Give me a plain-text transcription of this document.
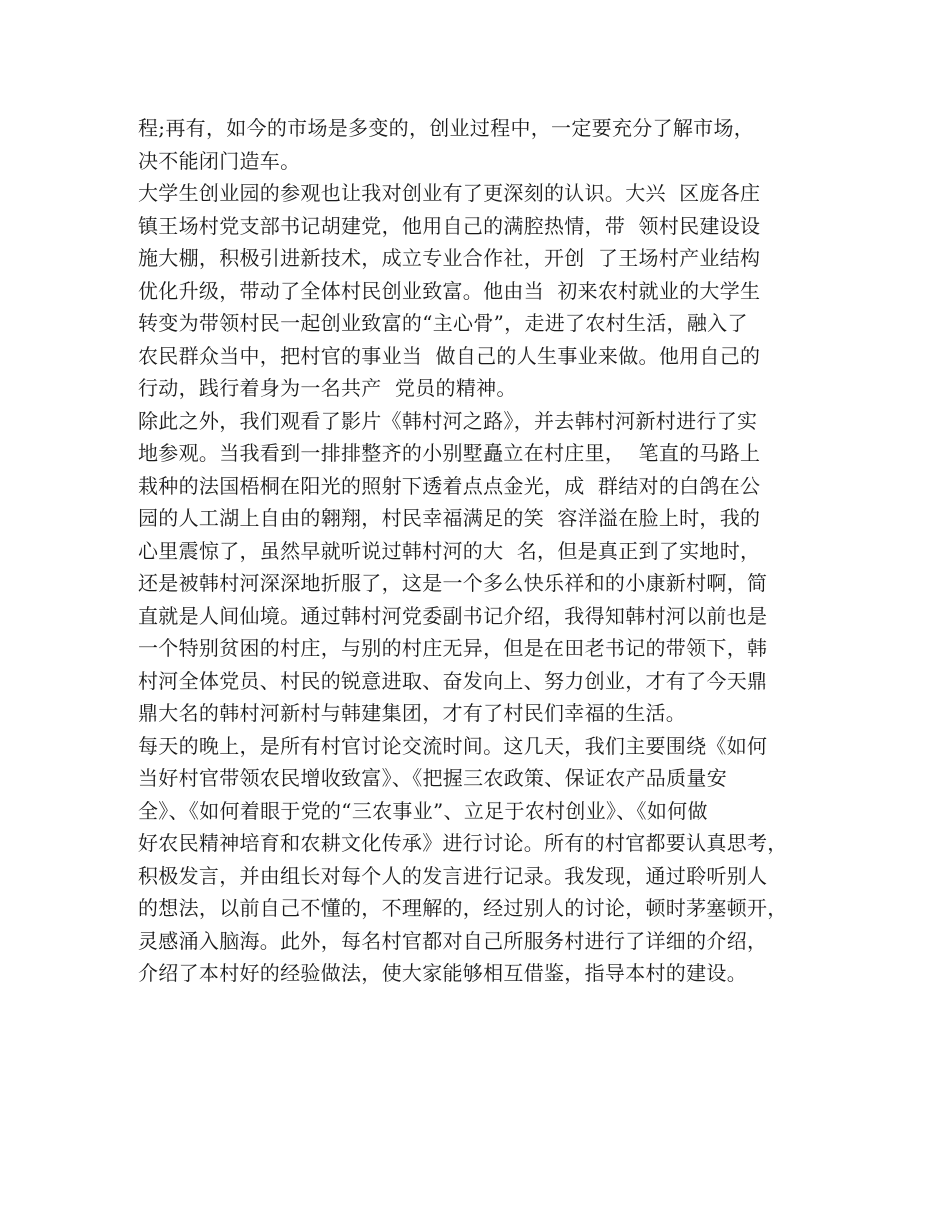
程;再有，如今的市场是多变的，创业过程中，一定要充分了解市场，
决不能闭门造车。
大学生创业园的参观也让我对创业有了更深刻的认识。大兴  区庞各庄
镇王场村党支部书记胡建党，他用自己的满腔热情，带  领村民建设设
施大棚，积极引进新技术，成立专业合作社，开创  了王场村产业结构
优化升级，带动了全体村民创业致富。他由当  初来农村就业的大学生
转变为带领村民一起创业致富的“主心骨”，走进了农村生活，融入了
农民群众当中，把村官的事业当  做自己的人生事业来做。他用自己的
行动，践行着身为一名共产  党员的精神。
除此之外，我们观看了影片《韩村河之路》，并去韩村河新村进行了实
地参观。当我看到一排排整齐的小别墅矗立在村庄里，  笔直的马路上
栽种的法国梧桐在阳光的照射下透着点点金光，成  群结对的白鸽在公
园的人工湖上自由的翱翔，村民幸福满足的笑  容洋溢在脸上时，我的
心里震惊了，虽然早就听说过韩村河的大  名，但是真正到了实地时，
还是被韩村河深深地折服了，这是一个多么快乐祥和的小康新村啊，简
直就是人间仙境。通过韩村河党委副书记介绍，我得知韩村河以前也是
一个特别贫困的村庄，与别的村庄无异，但是在田老书记的带领下，韩
村河全体党员、村民的锐意进取、奋发向上、努力创业，才有了今天鼎
鼎大名的韩村河新村与韩建集团，才有了村民们幸福的生活。
每天的晚上，是所有村官讨论交流时间。这几天，我们主要围绕《如何
当好村官带领农民增收致富》、《把握三农政策、保证农产品质量安
全》、《如何着眼于党的“三农事业”、立足于农村创业》、《如何做
好农民精神培育和农耕文化传承》进行讨论。所有的村官都要认真思考，
积极发言，并由组长对每个人的发言进行记录。我发现，通过聆听别人
的想法，以前自己不懂的，不理解的，经过别人的讨论，顿时茅塞顿开，
灵感涌入脑海。此外，每名村官都对自己所服务村进行了详细的介绍，
介绍了本村好的经验做法，使大家能够相互借鉴，指导本村的建设。
